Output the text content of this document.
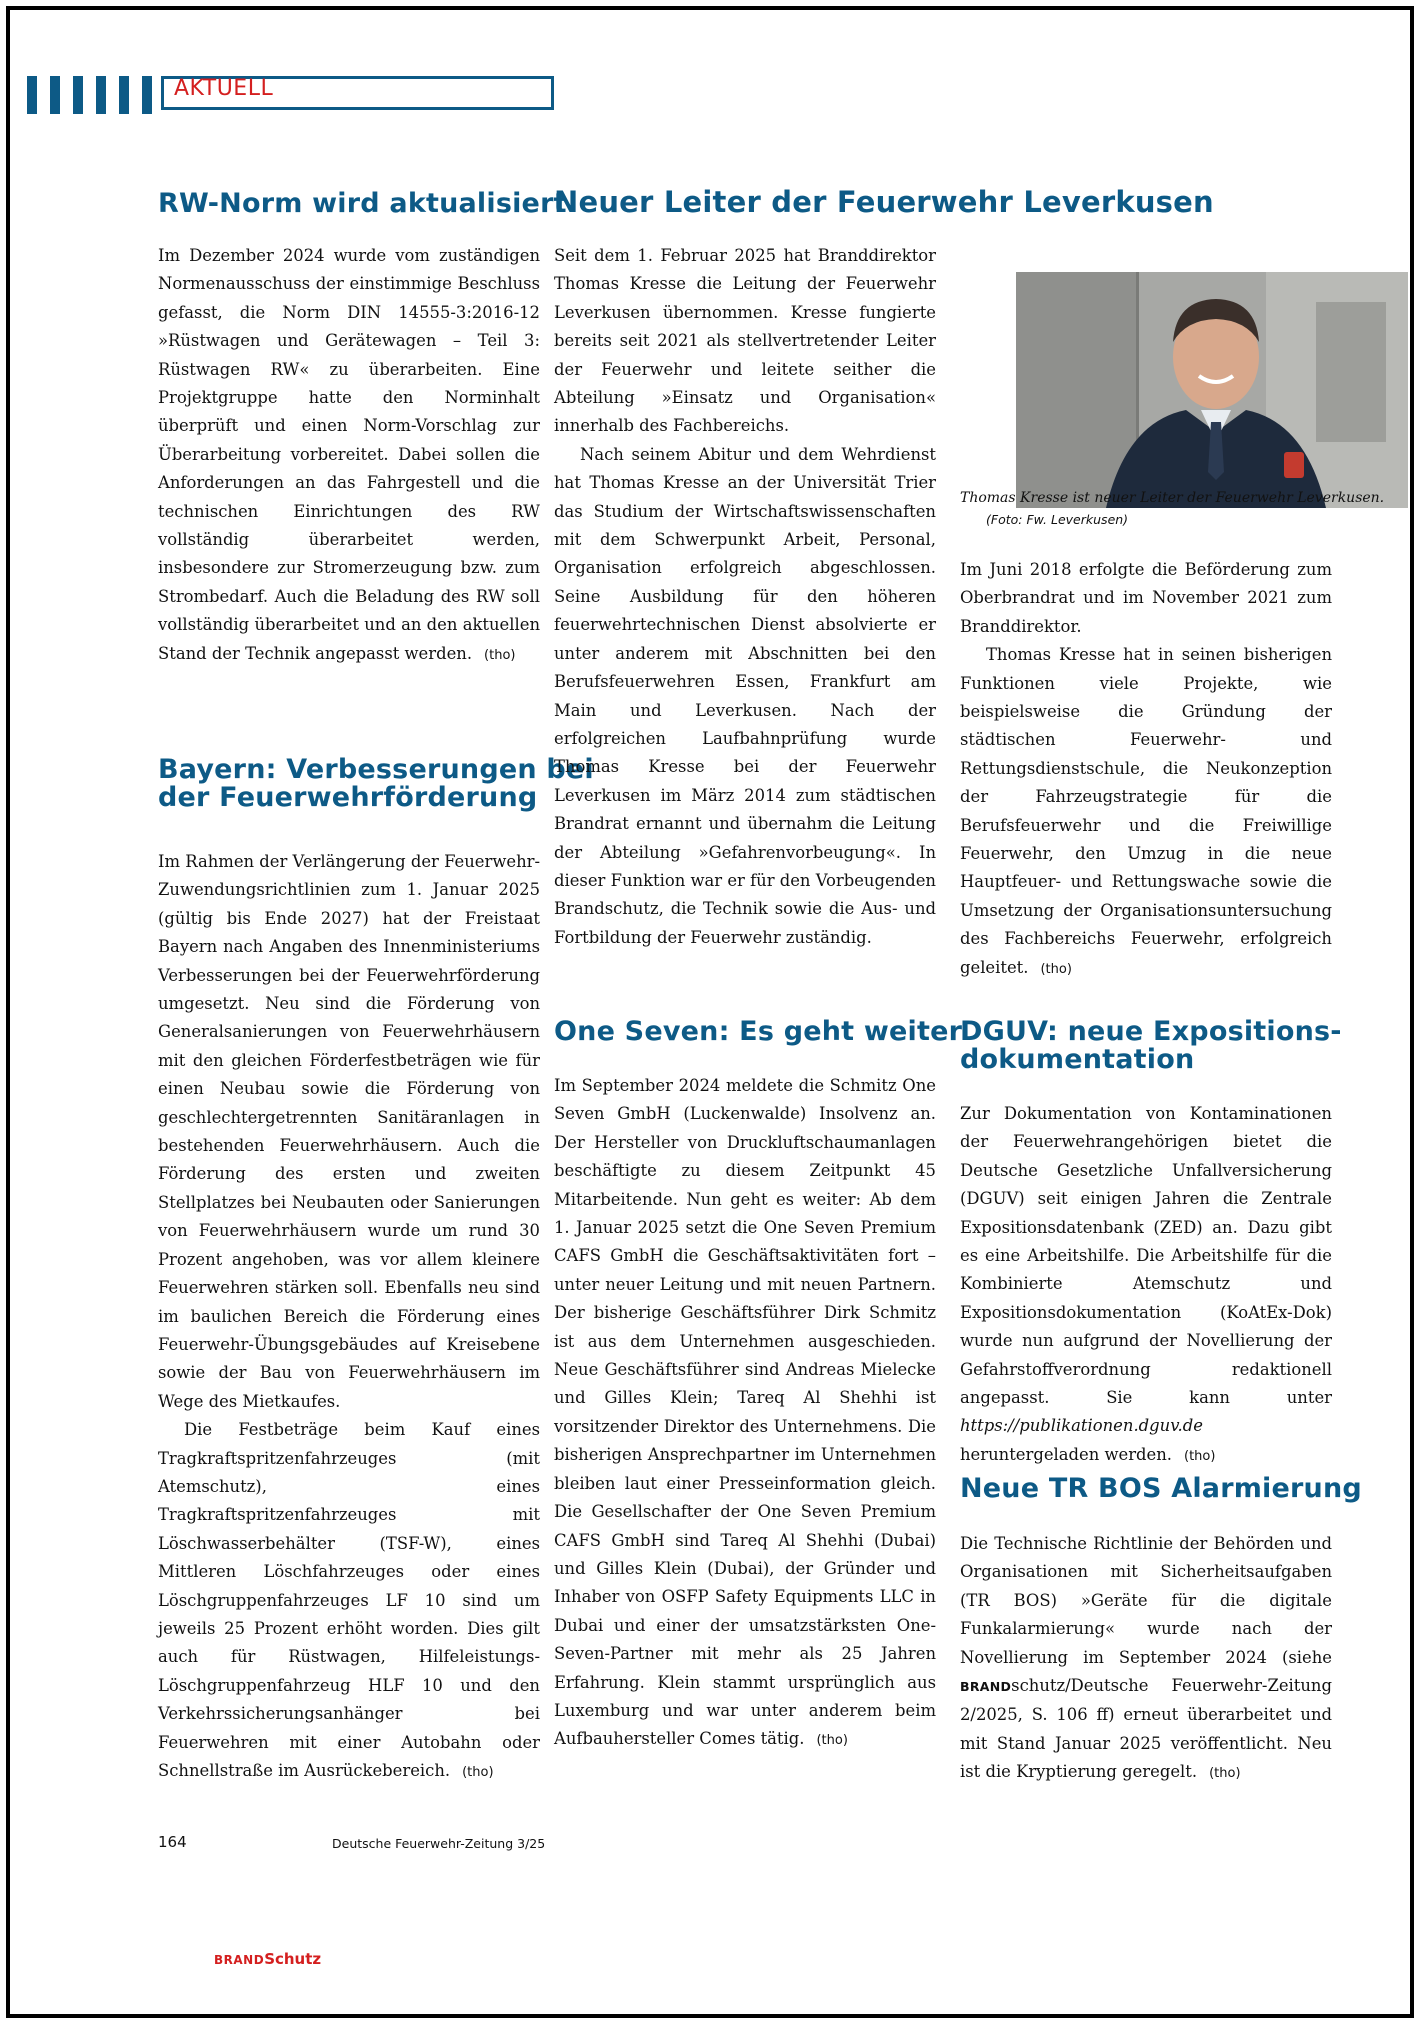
AKTUELL
RW-Norm wird aktualisiert

Im Dezember 2024 wurde vom zuständigen Normenausschuss der einstimmige Beschluss gefasst, die Norm DIN 14555-3:2016-12 »Rüstwagen und Gerätewagen – Teil 3: Rüstwagen RW« zu überarbeiten. Eine Projektgruppe hatte den Norminhalt überprüft und einen Norm-Vorschlag zur Überarbeitung vorbereitet. Dabei sollen die Anforderungen an das Fahrgestell und die technischen Einrichtungen des RW vollständig überarbeitet werden, insbesondere zur Stromerzeugung bzw. zum Strombedarf. Auch die Beladung des RW soll vollständig überarbeitet und an den aktuellen Stand der Technik angepasst werden. (tho)

Bayern: Verbesserungen bei
der Feuerwehrförderung

Im Rahmen der Verlängerung der Feuerwehr-Zuwendungsrichtlinien zum 1. Januar 2025 (gültig bis Ende 2027) hat der Freistaat Bayern nach Angaben des Innenministeriums Verbesserungen bei der Feuerwehrförderung umgesetzt. Neu sind die Förderung von Generalsanierungen von Feuerwehrhäusern mit den gleichen Förderfestbeträgen wie für einen Neubau sowie die Förderung von geschlechtergetrennten Sanitäranlagen in bestehenden Feuerwehrhäusern. Auch die Förderung des ersten und zweiten Stellplatzes bei Neubauten oder Sanierungen von Feuerwehrhäusern wurde um rund 30 Prozent angehoben, was vor allem kleinere Feuerwehren stärken soll. Ebenfalls neu sind im baulichen Bereich die Förderung eines Feuerwehr-Übungsgebäudes auf Kreisebene sowie der Bau von Feuerwehrhäusern im Wege des Mietkaufes.

Die Festbeträge beim Kauf eines Tragkraftspritzenfahrzeuges (mit Atemschutz), eines Tragkraftspritzenfahrzeuges mit Löschwasserbehälter (TSF-W), eines Mittleren Löschfahrzeuges oder eines Löschgruppenfahrzeuges LF 10 sind um jeweils 25 Prozent erhöht worden. Dies gilt auch für Rüstwagen, Hilfeleistungs-Löschgruppenfahrzeug HLF 10 und den Verkehrssicherungsanhänger bei Feuerwehren mit einer Autobahn oder Schnellstraße im Ausrückebereich. (tho)

Neuer Leiter der Feuerwehr Leverkusen

Seit dem 1. Februar 2025 hat Branddirektor Thomas Kresse die Leitung der Feuerwehr Leverkusen übernommen. Kresse fungierte bereits seit 2021 als stellvertretender Leiter der Feuerwehr und leitete seither die Abteilung »Einsatz und Organisation« innerhalb des Fachbereichs.

Nach seinem Abitur und dem Wehrdienst hat Thomas Kresse an der Universität Trier das Studium der Wirtschaftswissenschaften mit dem Schwerpunkt Arbeit, Personal, Organisation erfolgreich abgeschlossen. Seine Ausbildung für den höheren feuerwehrtechnischen Dienst absolvierte er unter anderem mit Abschnitten bei den Berufsfeuerwehren Essen, Frankfurt am Main und Leverkusen. Nach der erfolgreichen Laufbahnprüfung wurde Thomas Kresse bei der Feuerwehr Leverkusen im März 2014 zum städtischen Brandrat ernannt und übernahm die Leitung der Abteilung »Gefahrenvorbeugung«. In dieser Funktion war er für den Vorbeugenden Brandschutz, die Technik sowie die Aus- und Fortbildung der Feuerwehr zuständig.

Thomas Kresse ist neuer Leiter der Feuerwehr Leverkusen.(Foto: Fw. Leverkusen)

Im Juni 2018 erfolgte die Beförderung zum Oberbrandrat und im November 2021 zum Branddirektor.

Thomas Kresse hat in seinen bisherigen Funktionen viele Projekte, wie beispielsweise die Gründung der städtischen Feuerwehr- und Rettungsdienstschule, die Neukonzeption der Fahrzeugstrategie für die Berufsfeuerwehr und die Freiwillige Feuerwehr, den Umzug in die neue Hauptfeuer- und Rettungswache sowie die Umsetzung der Organisationsuntersuchung des Fachbereichs Feuerwehr, erfolgreich geleitet. (tho)

One Seven: Es geht weiter

Im September 2024 meldete die Schmitz One Seven GmbH (Luckenwalde) Insolvenz an. Der Hersteller von Druckluftschaumanlagen beschäftigte zu diesem Zeitpunkt 45 Mitarbeitende. Nun geht es weiter: Ab dem 1. Januar 2025 setzt die One Seven Premium CAFS GmbH die Geschäftsaktivitäten fort – unter neuer Leitung und mit neuen Partnern. Der bisherige Geschäftsführer Dirk Schmitz ist aus dem Unternehmen ausgeschieden. Neue Geschäftsführer sind Andreas Mielecke und Gilles Klein; Tareq Al Shehhi ist vorsitzender Direktor des Unternehmens. Die bisherigen Ansprechpartner im Unternehmen bleiben laut einer Presseinformation gleich. Die Gesellschafter der One Seven Premium CAFS GmbH sind Tareq Al Shehhi (Dubai) und Gilles Klein (Dubai), der Gründer und Inhaber von OSFP Safety Equipments LLC in Dubai und einer der umsatzstärksten One-Seven-Partner mit mehr als 25 Jahren Erfahrung. Klein stammt ursprünglich aus Luxemburg und war unter anderem beim Aufbauhersteller Comes tätig. (tho)

DGUV: neue Expositions-
dokumentation

Zur Dokumentation von Kontaminationen der Feuerwehrangehörigen bietet die Deutsche Gesetzliche Unfallversicherung (DGUV) seit einigen Jahren die Zentrale Expositionsdatenbank (ZED) an. Dazu gibt es eine Arbeitshilfe. Die Arbeitshilfe für die Kombinierte Atemschutz und Expositionsdokumentation (KoAtEx-Dok) wurde nun aufgrund der Novellierung der Gefahrstoffverordnung redaktionell angepasst. Sie kann unter https://publikationen.dguv.de heruntergeladen werden. (tho)

Neue TR BOS Alarmierung

Die Technische Richtlinie der Behörden und Organisationen mit Sicherheitsaufgaben (TR BOS) »Geräte für die digitale Funkalarmierung« wurde nach der Novellierung im September 2024 (siehe BRANDschutz/Deutsche Feuerwehr-Zeitung 2/2025, S. 106 ff) erneut überarbeitet und mit Stand Januar 2025 veröffentlicht. Neu ist die Kryptierung geregelt. (tho)

164	Deutsche Feuerwehr-Zeitung 3/25
BRANDSchutz
